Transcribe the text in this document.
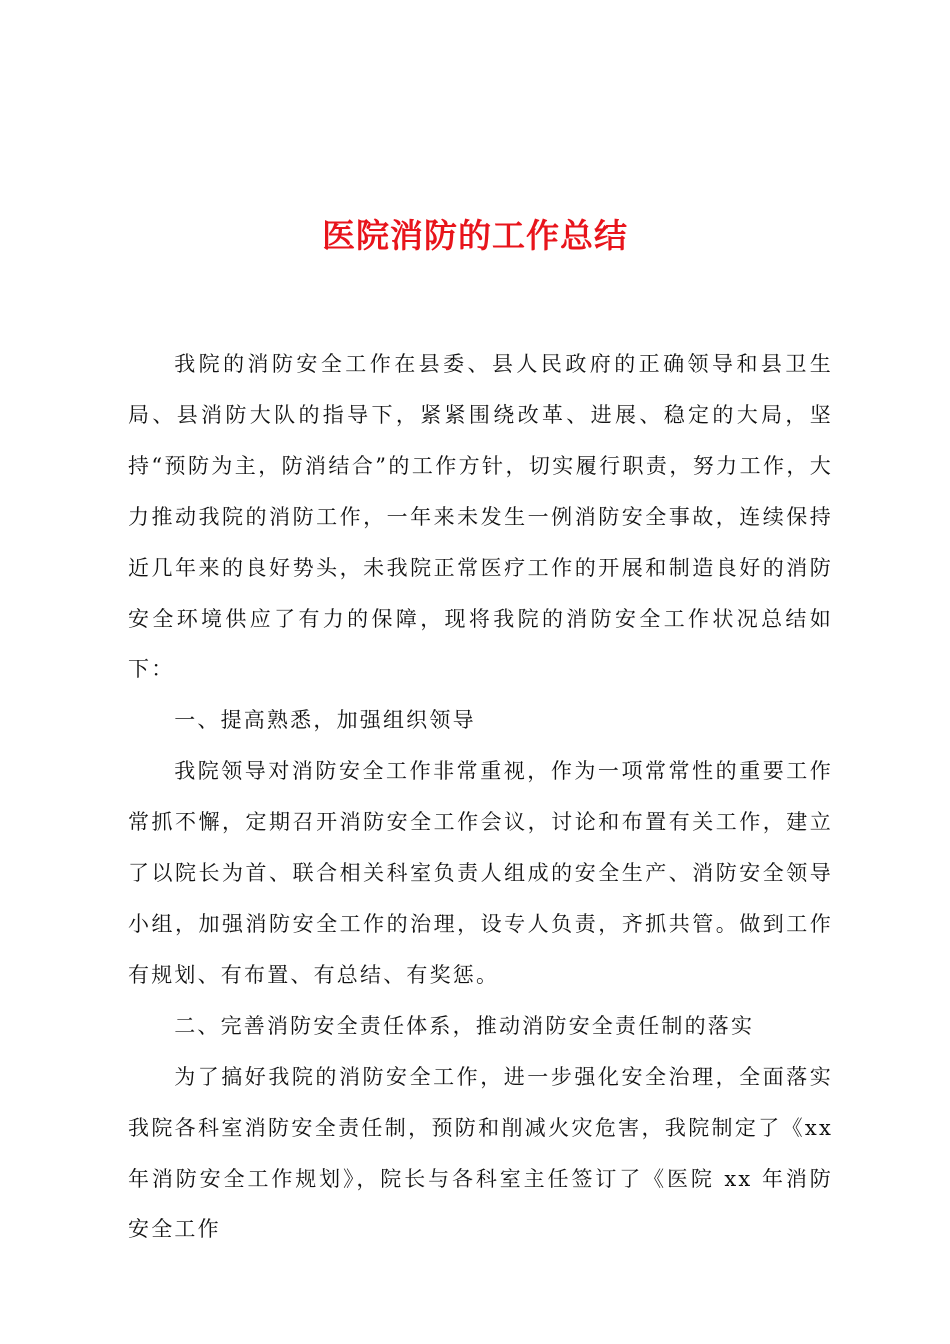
医院消防的工作总结

我院的消防安全工作在县委、县人民政府的正确领导和县卫生局、县消防大队的指导下，紧紧围绕改革、进展、稳定的大局，坚持“预防为主，防消结合”的工作方针，切实履行职责，努力工作，大力推动我院的消防工作，一年来未发生一例消防安全事故，连续保持近几年来的良好势头，未我院正常医疗工作的开展和制造良好的消防安全环境供应了有力的保障，现将我院的消防安全工作状况总结如下：

一、提高熟悉，加强组织领导

我院领导对消防安全工作非常重视，作为一项常常性的重要工作常抓不懈，定期召开消防安全工作会议，讨论和布置有关工作，建立了以院长为首、联合相关科室负责人组成的安全生产、消防安全领导小组，加强消防安全工作的治理，设专人负责，齐抓共管。做到工作有规划、有布置、有总结、有奖惩。

二、完善消防安全责任体系，推动消防安全责任制的落实

为了搞好我院的消防安全工作，进一步强化安全治理，全面落实我院各科室消防安全责任制，预防和削减火灾危害，我院制定了《xx年消防安全工作规划》，院长与各科室主任签订了《医院 xx 年消防安全工作
